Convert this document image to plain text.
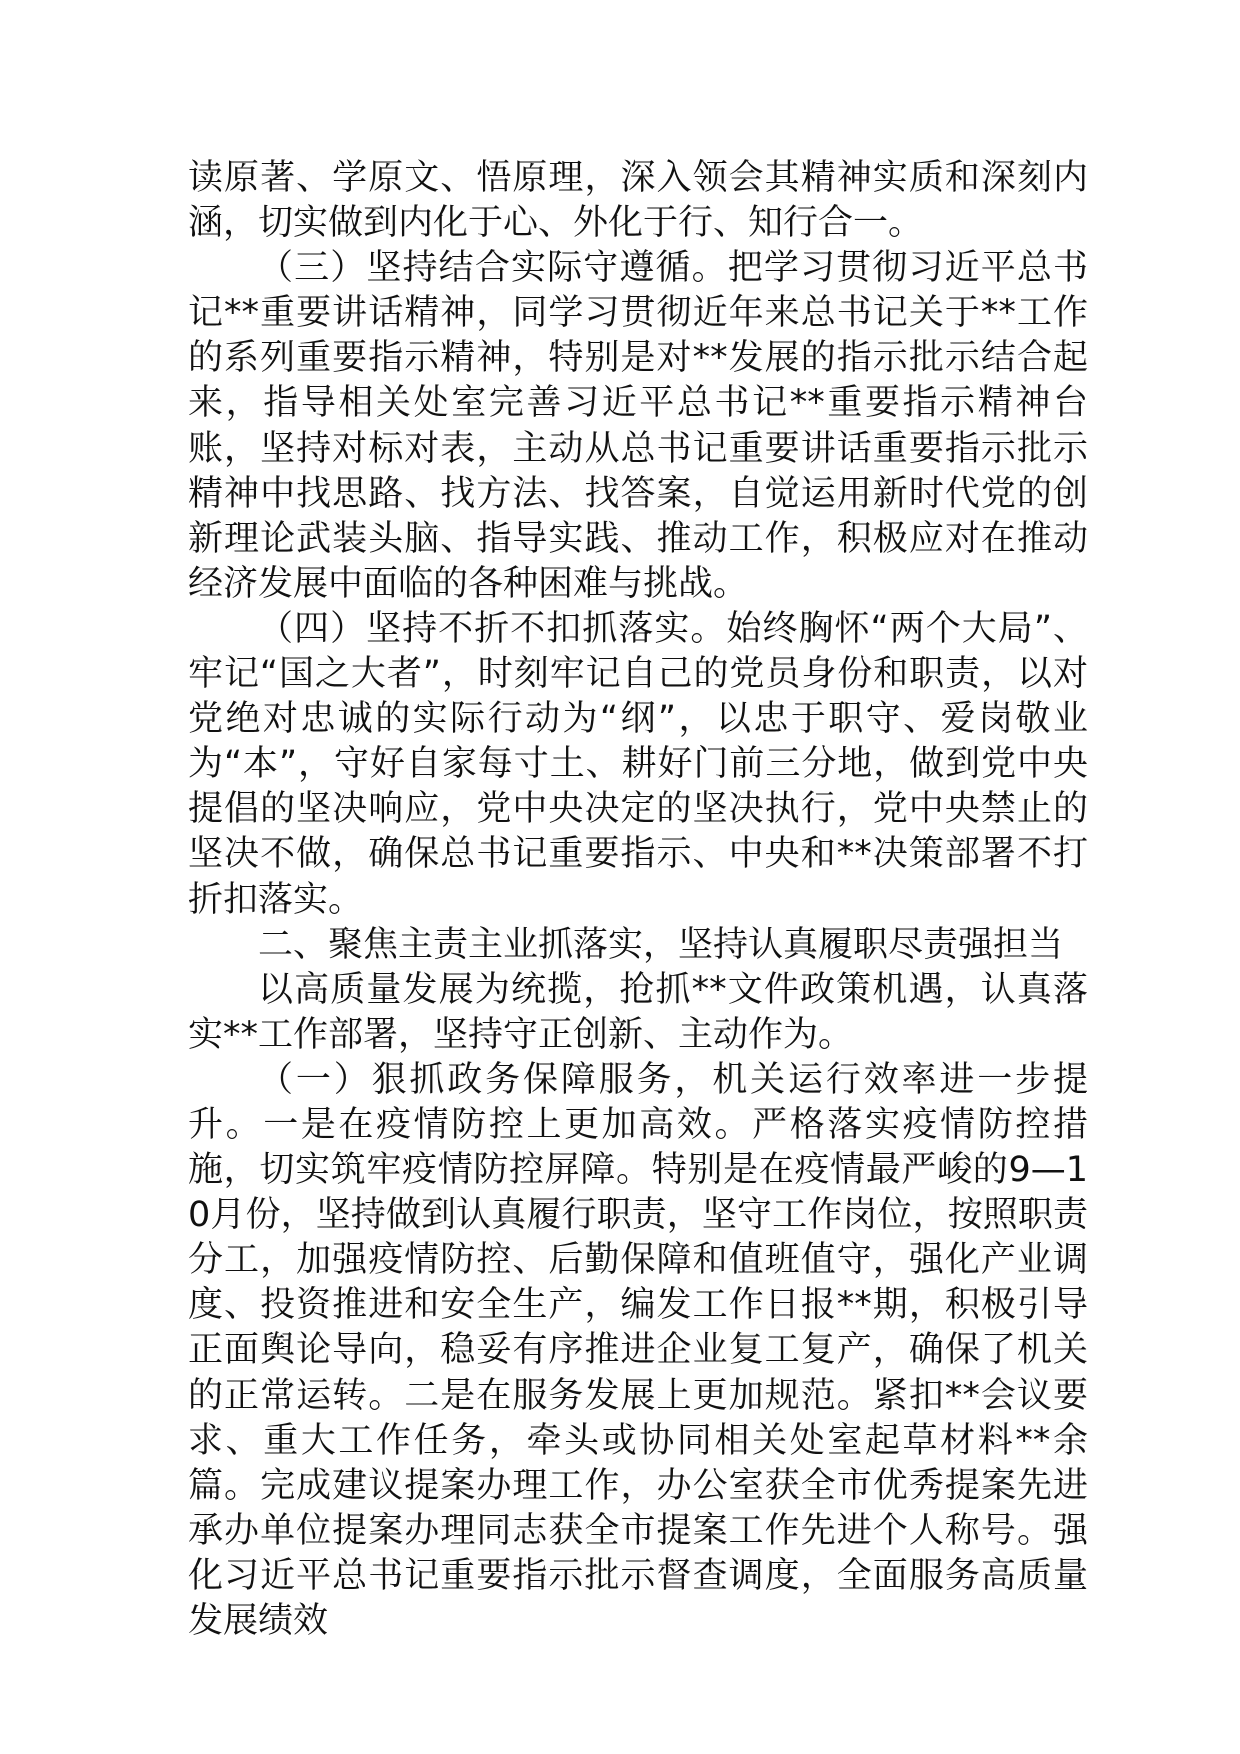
读原著、学原文、悟原理，深入领会其精神实质和深刻内涵，切实做到内化于心、外化于行、知行合一。

（三）坚持结合实际守遵循。把学习贯彻习近平总书记**重要讲话精神，同学习贯彻近年来总书记关于**工作的系列重要指示精神，特别是对**发展的指示批示结合起来，指导相关处室完善习近平总书记**重要指示精神台账，坚持对标对表，主动从总书记重要讲话重要指示批示精神中找思路、找方法、找答案，自觉运用新时代党的创新理论武装头脑、指导实践、推动工作，积极应对在推动经济发展中面临的各种困难与挑战。

（四）坚持不折不扣抓落实。始终胸怀“两个大局”、牢记“国之大者”，时刻牢记自己的党员身份和职责，以对党绝对忠诚的实际行动为“纲”，以忠于职守、爱岗敬业为“本”，守好自家每寸土、耕好门前三分地，做到党中央提倡的坚决响应，党中央决定的坚决执行，党中央禁止的坚决不做，确保总书记重要指示、中央和**决策部署不打折扣落实。

二、聚焦主责主业抓落实，坚持认真履职尽责强担当

以高质量发展为统揽，抢抓**文件政策机遇，认真落实**工作部署，坚持守正创新、主动作为。

（一）狠抓政务保障服务，机关运行效率进一步提升。一是在疫情防控上更加高效。严格落实疫情防控措施，切实筑牢疫情防控屏障。特别是在疫情最严峻的9—10月份，坚持做到认真履行职责，坚守工作岗位，按照职责分工，加强疫情防控、后勤保障和值班值守，强化产业调度、投资推进和安全生产，编发工作日报**期，积极引导正面舆论导向，稳妥有序推进企业复工复产，确保了机关的正常运转。二是在服务发展上更加规范。紧扣**会议要求、重大工作任务，牵头或协同相关处室起草材料**余篇。完成建议提案办理工作，办公室获全市优秀提案先进承办单位提案办理同志获全市提案工作先进个人称号。强化习近平总书记重要指示批示督查调度，全面服务高质量发展绩效
